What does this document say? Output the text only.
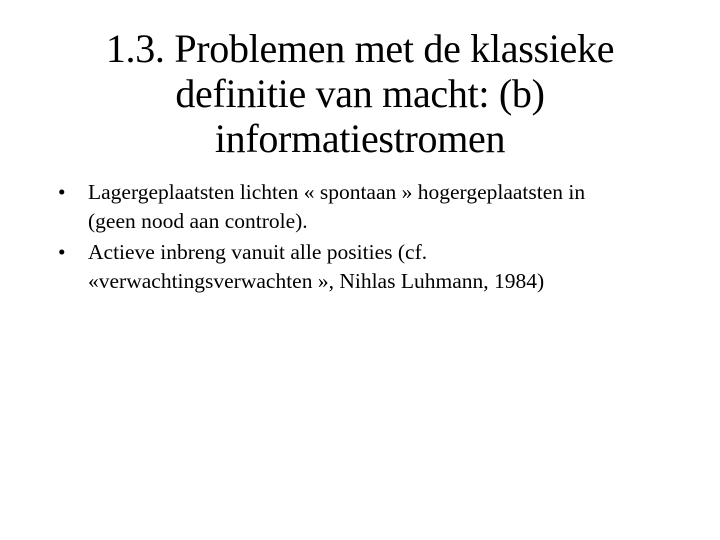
1.3. Problemen met de klassieke
definitie van macht: (b)
informatiestromen
• Lagergeplaatsten lichten « spontaan » hogergeplaatsten in
(geen nood aan controle).
• Actieve inbreng vanuit alle posities (cf.
«verwachtingsverwachten », Nihlas Luhmann, 1984)
